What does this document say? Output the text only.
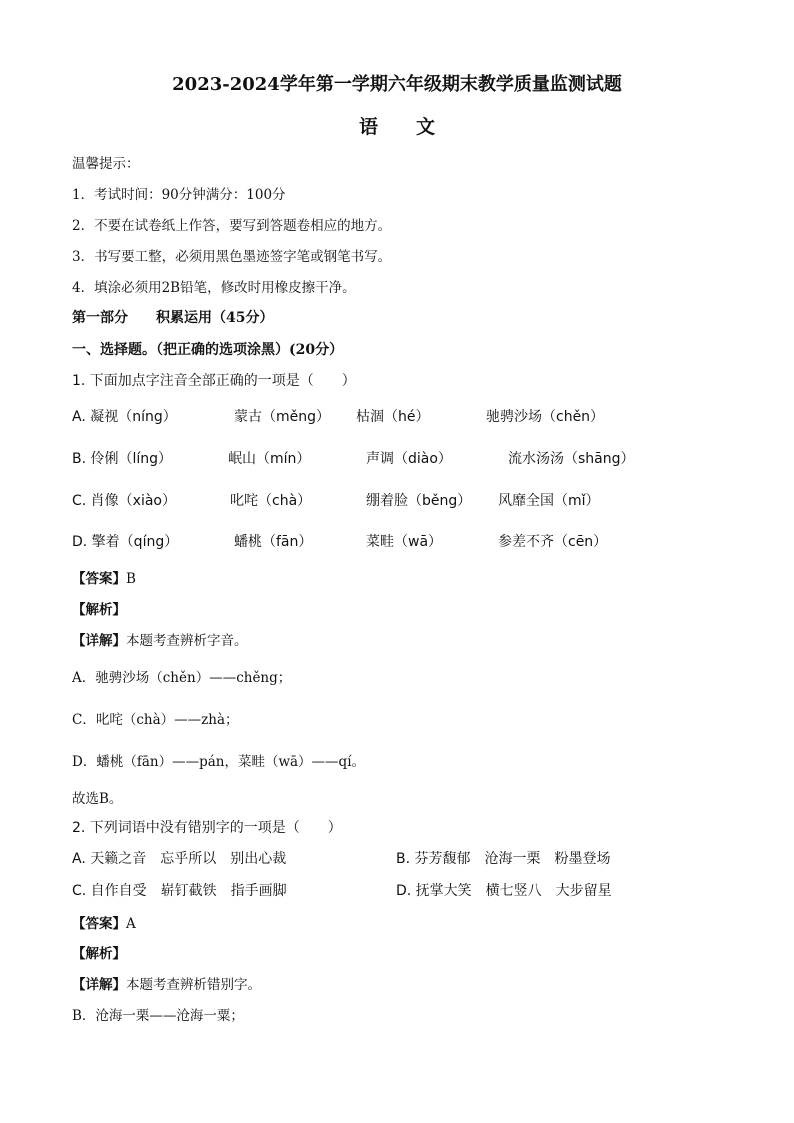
2023-2024学年第一学期六年级期末教学质量监测试题
语文
温馨提示：
1．考试时间：90分钟满分：100分
2．不要在试卷纸上作答，要写到答题卷相应的地方。
3．书写要工整，必须用黑色墨迹签字笔或钢笔书写。
4．填涂必须用2B铅笔，修改时用橡皮擦干净。
第一部分　　积累运用（45分）
一、选择题。（把正确的选项涂黑）(20分）
1. 下面加点字注音全部正确的一项是（　　）
A. 凝视（níng）	蒙古（měng） 枯涸（hé）	驰骋沙场（chěn）
B. 伶俐（líng）	岷山（mín）	声调（diào）	流水汤汤（shāng）
C. 肖像（xiào）	叱咤（chà）	绷着脸（běng） 风靡全国（mǐ）
D. 擎着（qíng）	蟠桃（fān）	菜畦（wā）	参差不齐（cēn）
【答案】B
【解析】
【详解】本题考查辨析字音。
A．驰骋沙场（chěn）——chěng；
C．叱咤（chà）——zhà；
D．蟠桃（fān）——pán，菜畦（wā）——qí。
故选B。
2. 下列词语中没有错别字的一项是（　　）
A. 天籁之音　忘乎所以　别出心裁	B. 芬芳馥郁　沧海一栗　粉墨登场
C. 自作自受　崭钉截铁　指手画脚	D. 抚掌大笑　横七竖八　大步留星
【答案】A
【解析】
【详解】本题考查辨析错别字。
B．沧海一栗——沧海一粟；
